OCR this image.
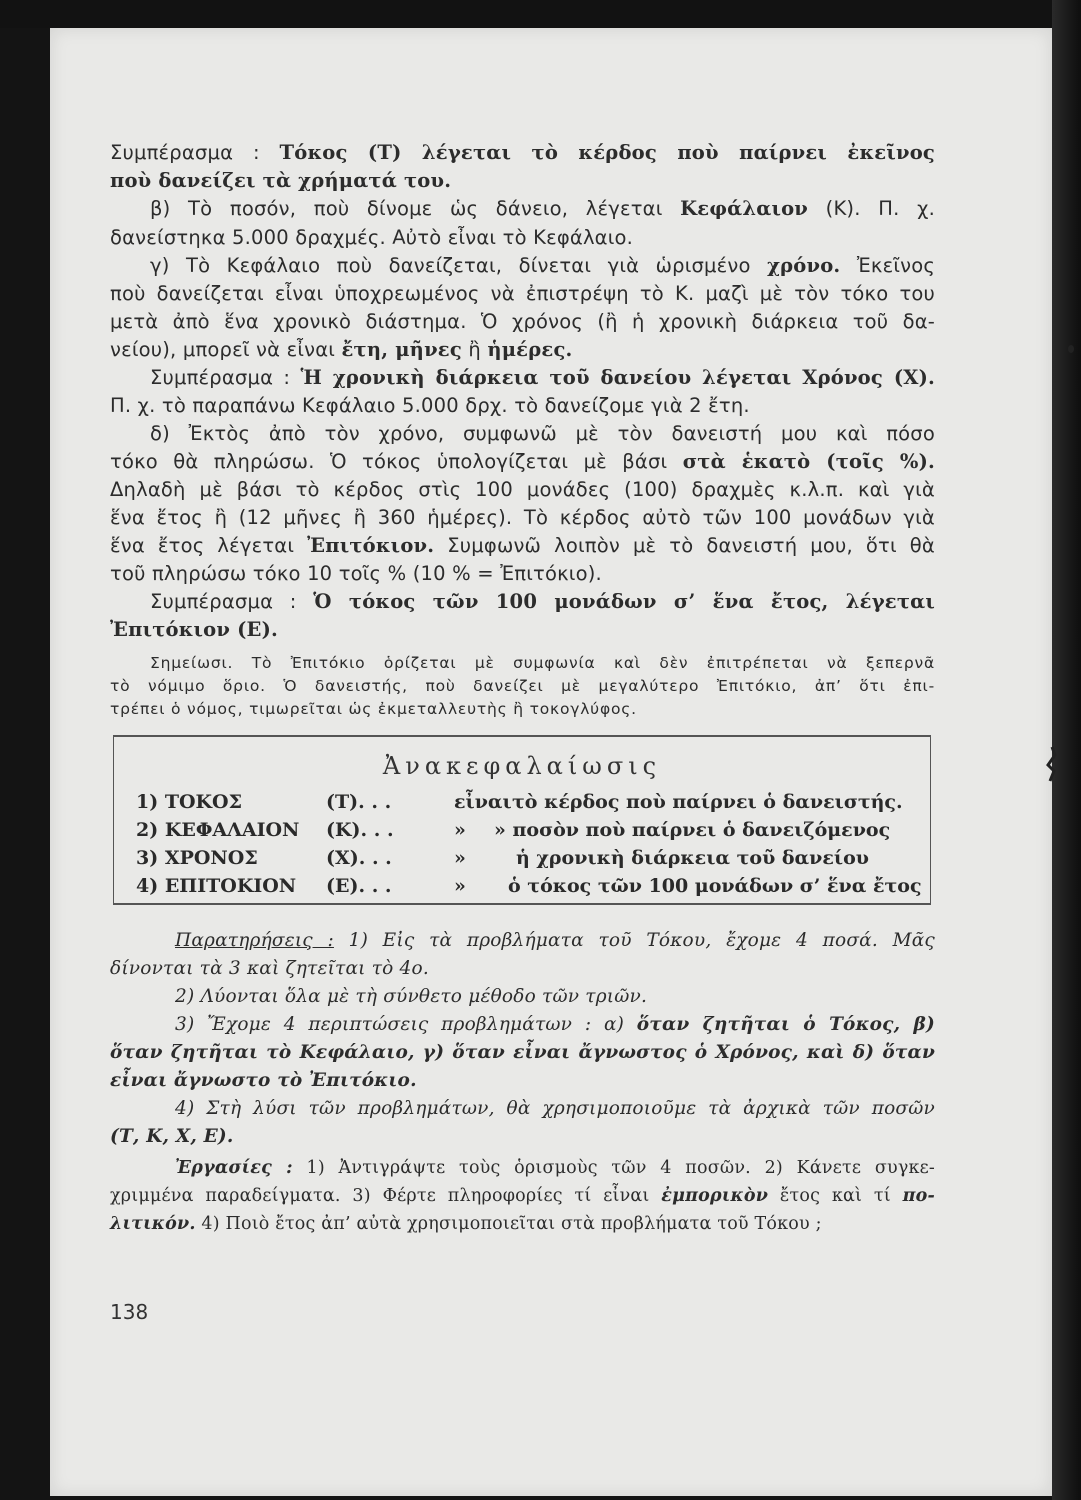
Συμπέρασμα : Τόκος (Τ) λέγεται τὸ κέρδος ποὺ παίρνει ἐκεῖνος
ποὺ δανείζει τὰ χρήματά του.
β) Τὸ ποσόν, ποὺ δίνομε ὡς δάνειο, λέγεται Κεφάλαιον (Κ). Π. χ.
δανείστηκα 5.000 δραχμές. Αὐτὸ εἶναι τὸ Κεφάλαιο.
γ) Τὸ Κεφάλαιο ποὺ δανείζεται, δίνεται γιὰ ὡρισμένο χρόνο. Ἐκεῖνος
ποὺ δανείζεται εἶναι ὑποχρεωμένος νὰ ἐπιστρέψη τὸ Κ. μαζὶ μὲ τὸν τόκο του
μετὰ ἀπὸ ἕνα χρονικὸ διάστημα. Ὁ χρόνος (ἢ ἡ χρονικὴ διάρκεια τοῦ δα-
νείου), μπορεῖ νὰ εἶναι ἔτη, μῆνες ἢ ἡμέρες.
Συμπέρασμα : Ἡ χρονικὴ διάρκεια τοῦ δανείου λέγεται Χρόνος (Χ).
Π. χ. τὸ παραπάνω Κεφάλαιο 5.000 δρχ. τὸ δανείζομε γιὰ 2 ἔτη.
δ) Ἐκτὸς ἀπὸ τὸν χρόνο, συμφωνῶ μὲ τὸν δανειστή μου καὶ πόσο
τόκο θὰ πληρώσω. Ὁ τόκος ὑπολογίζεται μὲ βάσι στὰ ἑκατὸ (τοῖς %).
Δηλαδὴ μὲ βάσι τὸ κέρδος στὶς 100 μονάδες (100) δραχμὲς κ.λ.π. καὶ γιὰ
ἕνα ἔτος ἢ (12 μῆνες ἢ 360 ἡμέρες). Τὸ κέρδος αὐτὸ τῶν 100 μονάδων γιὰ
ἕνα ἔτος λέγεται Ἐπιτόκιον. Συμφωνῶ λοιπὸν μὲ τὸ δανειστή μου, ὅτι θὰ
τοῦ πληρώσω τόκο 10 τοῖς % (10 % = Ἐπιτόκιο).
Συμπέρασμα : Ὁ τόκος τῶν 100 μονάδων σ’ ἕνα ἔτος, λέγεται
Ἐπιτόκιον (Ε).
Σημείωσι. Τὸ Ἐπιτόκιο ὁρίζεται μὲ συμφωνία καὶ δὲν ἐπιτρέπεται νὰ ξεπερνᾶ
τὸ νόμιμο ὅριο. Ὁ δανειστής, ποὺ δανείζει μὲ μεγαλύτερο Ἐπιτόκιο, ἀπ’ ὅτι ἐπι-
τρέπει ὁ νόμος, τιμωρεῖται ὡς ἐκμεταλλευτὴς ἢ τοκογλύφος.
Ἀνακεφαλαίωσις
1) ΤΟΚΟΣ	(Τ). . .	εἶναι τὸ κέρδος ποὺ παίρνει ὁ δανειστής.
2) ΚΕΦΑΛΑΙΟΝ (Κ). . .	» » ποσὸν ποὺ παίρνει ὁ δανειζόμενος
3) ΧΡΟΝΟΣ	(Χ). . .	»	ἡ χρονικὴ διάρκεια τοῦ δανείου
4) ΕΠΙΤΟΚΙΟΝ (Ε). . .	» ὁ τόκος τῶν 100 μονάδων σ’ ἕνα ἔτος
Παρατηρήσεις : 1) Εἰς τὰ προβλήματα τοῦ Τόκου, ἔχομε 4 ποσά. Μᾶς
δίνονται τὰ 3 καὶ ζητεῖται τὸ 4ο.
2) Λύονται ὅλα μὲ τὴ σύνθετο μέθοδο τῶν τριῶν.
3) Ἔχομε 4 περιπτώσεις προβλημάτων : α) ὅταν ζητῆται ὁ Τόκος, β)
ὅταν ζητῆται τὸ Κεφάλαιο, γ) ὅταν εἶναι ἄγνωστος ὁ Χρόνος, καὶ δ) ὅταν
εἶναι ἄγνωστο τὸ Ἐπιτόκιο.
4) Στὴ λύσι τῶν προβλημάτων, θὰ χρησιμοποιοῦμε τὰ ἀρχικὰ τῶν ποσῶν
(Τ, Κ, Χ, Ε).
Ἐργασίες : 1) Ἀντιγράψτε τοὺς ὁρισμοὺς τῶν 4 ποσῶν. 2) Κάνετε συγκε-
χριμμένα παραδείγματα. 3) Φέρτε πληροφορίες τί εἶναι ἐμπορικὸν ἔτος καὶ τί πο-
λιτικόν. 4) Ποιὸ ἔτος ἀπ’ αὐτὰ χρησιμοποιεῖται στὰ προβλήματα τοῦ Τόκου ;
138
